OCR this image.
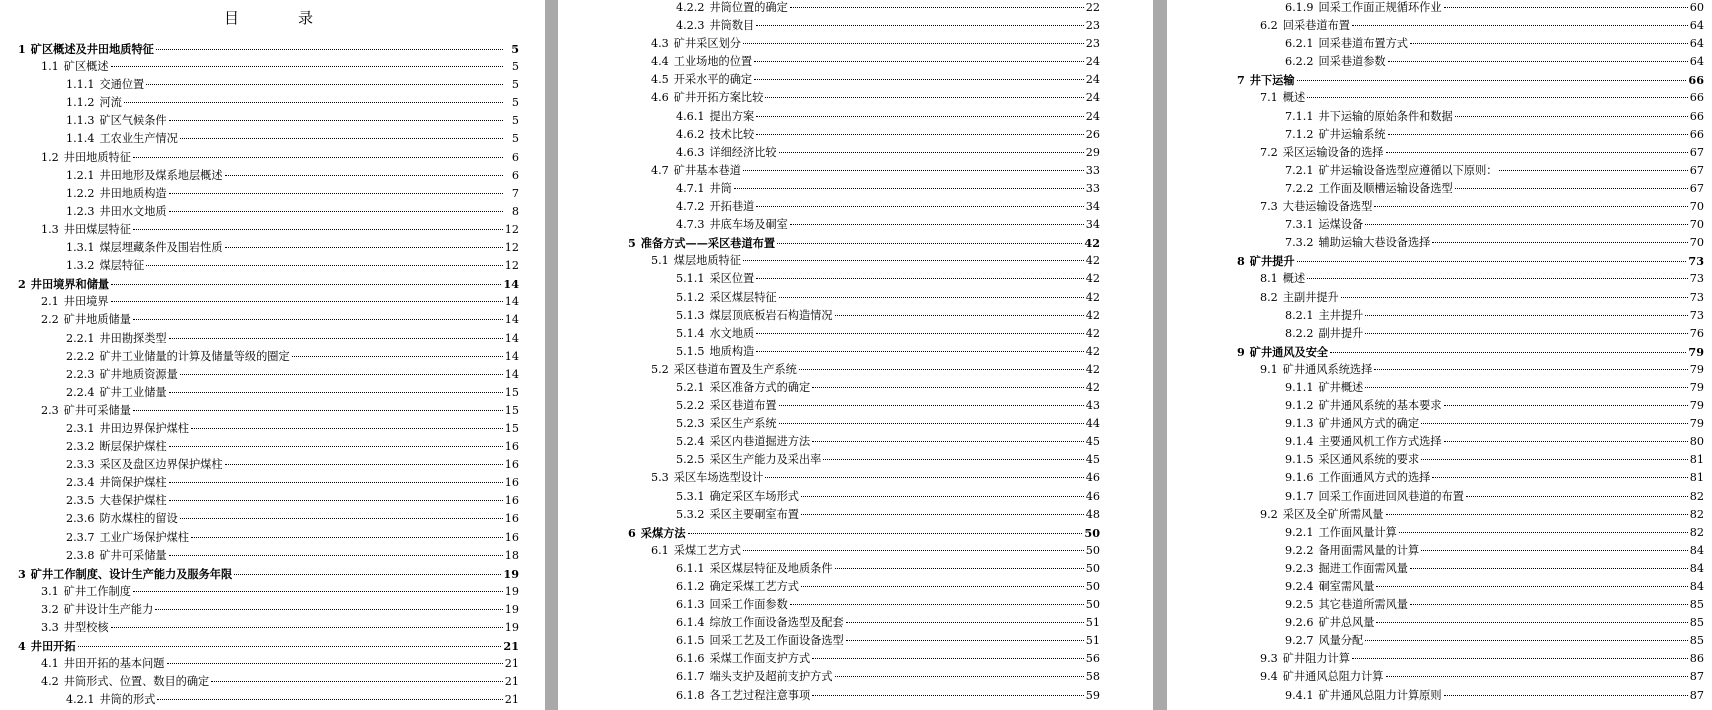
目　录
1 矿区概述及井田地质特征	5
1.1 矿区概述	5
1.1.1 交通位置	5
1.1.2 河流	5
1.1.3 矿区气候条件	5
1.1.4 工农业生产情况	5
1.2 井田地质特征	6
1.2.1 井田地形及煤系地层概述	6
1.2.2 井田地质构造	7
1.2.3 井田水文地质	8
1.3 井田煤层特征	12
1.3.1 煤层埋藏条件及围岩性质	12
1.3.2 煤层特征	12
2 井田境界和储量	14
2.1 井田境界	14
2.2 矿井地质储量	14
2.2.1 井田勘探类型	14
2.2.2 矿井工业储量的计算及储量等级的圈定	14
2.2.3 矿井地质资源量	14
2.2.4 矿井工业储量	15
2.3 矿井可采储量	15
2.3.1 井田边界保护煤柱	15
2.3.2 断层保护煤柱	16
2.3.3 采区及盘区边界保护煤柱	16
2.3.4 井筒保护煤柱	16
2.3.5 大巷保护煤柱	16
2.3.6 防水煤柱的留设	16
2.3.7 工业广场保护煤柱	16
2.3.8 矿井可采储量	18
3 矿井工作制度、设计生产能力及服务年限	19
3.1 矿井工作制度	19
3.2 矿井设计生产能力	19
3.3 井型校核	19
4 井田开拓	21
4.1 井田开拓的基本问题	21
4.2 井筒形式、位置、数目的确定	21
4.2.1 井筒的形式	21
4.2.2 井筒位置的确定	22
4.2.3 井筒数目	23
4.3 矿井采区划分	23
4.4 工业场地的位置	24
4.5 开采水平的确定	24
4.6 矿井开拓方案比较	24
4.6.1 提出方案	24
4.6.2 技术比较	26
4.6.3 详细经济比较	29
4.7 矿井基本巷道	33
4.7.1 井筒	33
4.7.2 开拓巷道	34
4.7.3 井底车场及硐室	34
5 准备方式——采区巷道布置	42
5.1 煤层地质特征	42
5.1.1 采区位置	42
5.1.2 采区煤层特征	42
5.1.3 煤层顶底板岩石构造情况	42
5.1.4 水文地质	42
5.1.5 地质构造	42
5.2 采区巷道布置及生产系统	42
5.2.1 采区准备方式的确定	42
5.2.2 采区巷道布置	43
5.2.3 采区生产系统	44
5.2.4 采区内巷道掘进方法	45
5.2.5 采区生产能力及采出率	45
5.3 采区车场选型设计	46
5.3.1 确定采区车场形式	46
5.3.2 采区主要硐室布置	48
6 采煤方法	50
6.1 采煤工艺方式	50
6.1.1 采区煤层特征及地质条件	50
6.1.2 确定采煤工艺方式	50
6.1.3 回采工作面参数	50
6.1.4 综放工作面设备选型及配套	51
6.1.5 回采工艺及工作面设备选型	51
6.1.6 采煤工作面支护方式	56
6.1.7 端头支护及超前支护方式	58
6.1.8 各工艺过程注意事项	59
6.1.9 回采工作面正规循环作业	60
6.2 回采巷道布置	64
6.2.1 回采巷道布置方式	64
6.2.2 回采巷道参数	64
7 井下运输	66
7.1 概述	66
7.1.1 井下运输的原始条件和数据	66
7.1.2 矿井运输系统	66
7.2 采区运输设备的选择	67
7.2.1 矿井运输设备选型应遵循以下原则：	67
7.2.2 工作面及顺槽运输设备选型	67
7.3 大巷运输设备选型	70
7.3.1 运煤设备	70
7.3.2 辅助运输大巷设备选择	70
8 矿井提升	73
8.1 概述	73
8.2 主副井提升	73
8.2.1 主井提升	73
8.2.2 副井提升	76
9 矿井通风及安全	79
9.1 矿井通风系统选择	79
9.1.1 矿井概述	79
9.1.2 矿井通风系统的基本要求	79
9.1.3 矿井通风方式的确定	79
9.1.4 主要通风机工作方式选择	80
9.1.5 采区通风系统的要求	81
9.1.6 工作面通风方式的选择	81
9.1.7 回采工作面进回风巷道的布置	82
9.2 采区及全矿所需风量	82
9.2.1 工作面风量计算	82
9.2.2 备用面需风量的计算	84
9.2.3 掘进工作面需风量	84
9.2.4 硐室需风量	84
9.2.5 其它巷道所需风量	85
9.2.6 矿井总风量	85
9.2.7 风量分配	85
9.3 矿井阻力计算	86
9.4 矿井通风总阻力计算	87
9.4.1 矿井通风总阻力计算原则	87
